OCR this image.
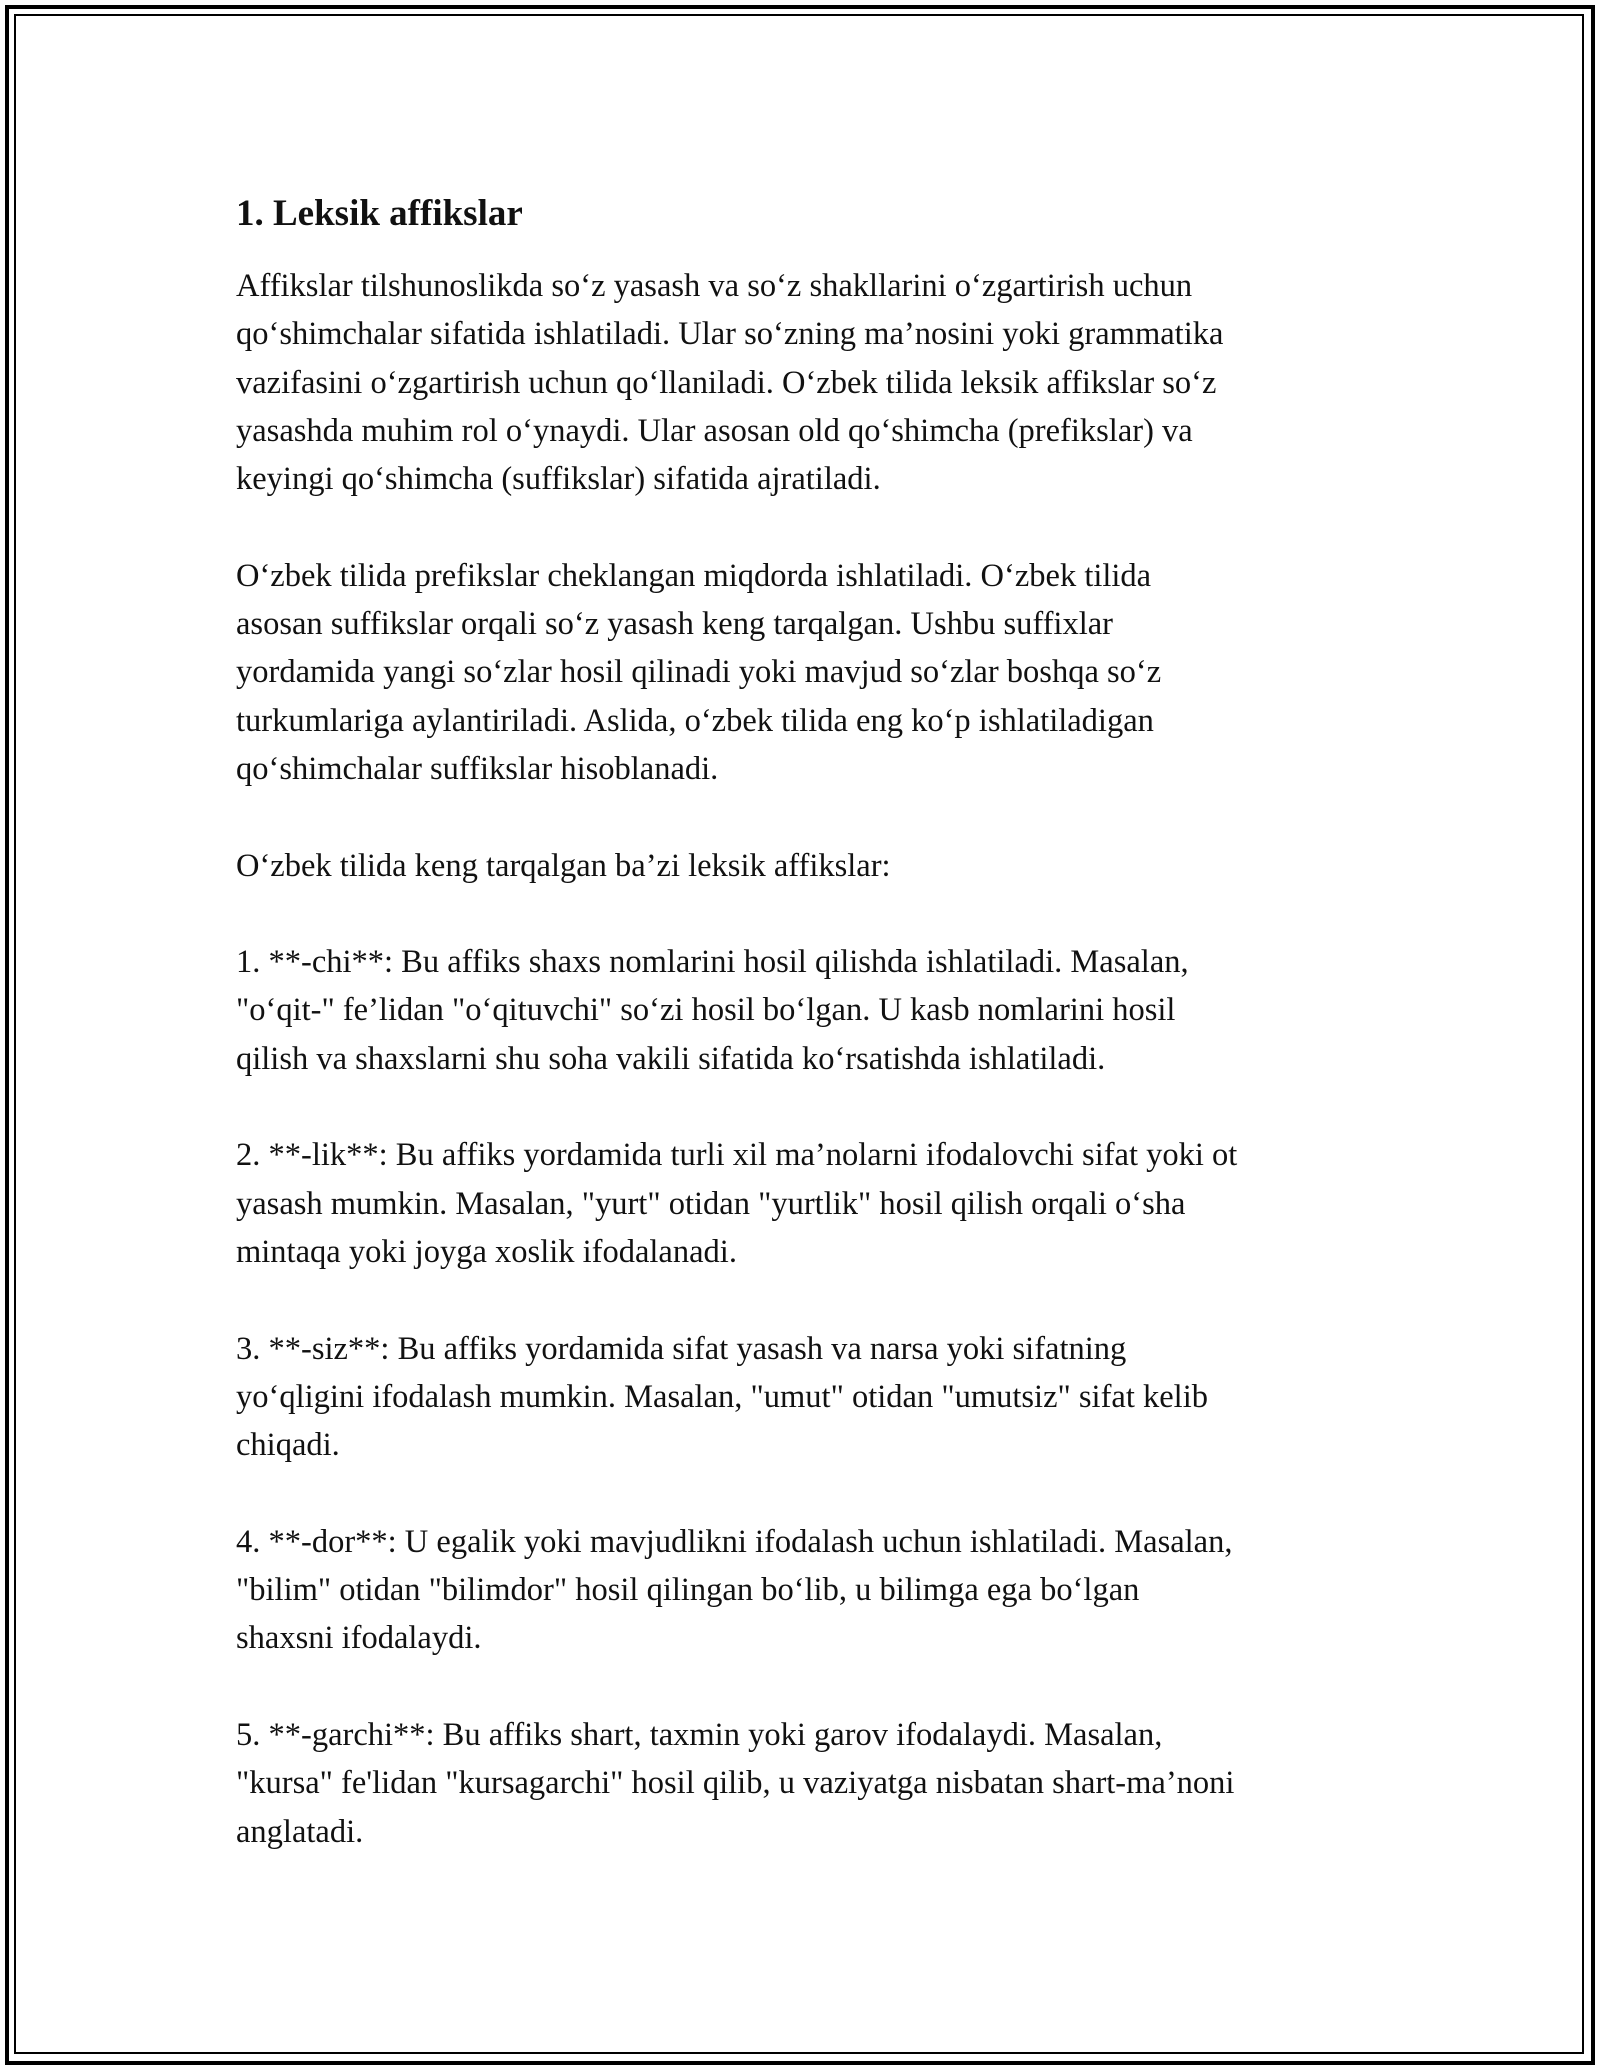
1. Leksik affikslar

Affikslar tilshunoslikda so‘z yasash va so‘z shakllarini o‘zgartirish uchun
qo‘shimchalar sifatida ishlatiladi. Ular so‘zning ma’nosini yoki grammatika
vazifasini o‘zgartirish uchun qo‘llaniladi. O‘zbek tilida leksik affikslar so‘z
yasashda muhim rol o‘ynaydi. Ular asosan old qo‘shimcha (prefikslar) va
keyingi qo‘shimcha (suffikslar) sifatida ajratiladi.

O‘zbek tilida prefikslar cheklangan miqdorda ishlatiladi. O‘zbek tilida
asosan suffikslar orqali so‘z yasash keng tarqalgan. Ushbu suffixlar
yordamida yangi so‘zlar hosil qilinadi yoki mavjud so‘zlar boshqa so‘z
turkumlariga aylantiriladi. Aslida, o‘zbek tilida eng ko‘p ishlatiladigan
qo‘shimchalar suffikslar hisoblanadi.

O‘zbek tilida keng tarqalgan ba’zi leksik affikslar:

1. **-chi**: Bu affiks shaxs nomlarini hosil qilishda ishlatiladi. Masalan,
"o‘qit-" fe’lidan "o‘qituvchi" so‘zi hosil bo‘lgan. U kasb nomlarini hosil
qilish va shaxslarni shu soha vakili sifatida ko‘rsatishda ishlatiladi.

2. **-lik**: Bu affiks yordamida turli xil ma’nolarni ifodalovchi sifat yoki ot
yasash mumkin. Masalan, "yurt" otidan "yurtlik" hosil qilish orqali o‘sha
mintaqa yoki joyga xoslik ifodalanadi.

3. **-siz**: Bu affiks yordamida sifat yasash va narsa yoki sifatning
yo‘qligini ifodalash mumkin. Masalan, "umut" otidan "umutsiz" sifat kelib
chiqadi.

4. **-dor**: U egalik yoki mavjudlikni ifodalash uchun ishlatiladi. Masalan,
"bilim" otidan "bilimdor" hosil qilingan bo‘lib, u bilimga ega bo‘lgan
shaxsni ifodalaydi.

5. **-garchi**: Bu affiks shart, taxmin yoki garov ifodalaydi. Masalan,
"kursa" fe'lidan "kursagarchi" hosil qilib, u vaziyatga nisbatan shart-ma’noni
anglatadi.
